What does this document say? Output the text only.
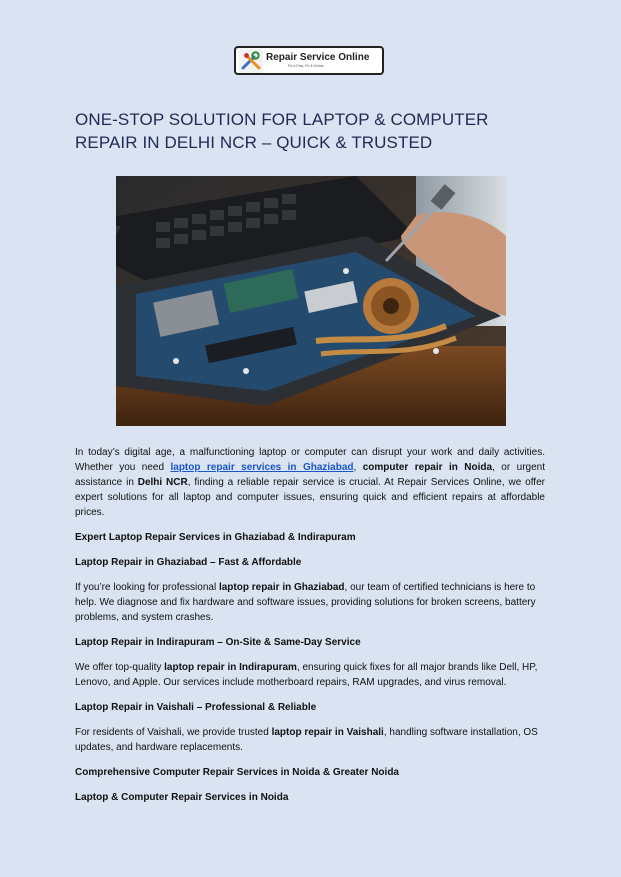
Repair Service Online
Fix it Fast, Fix it Online
ONE-STOP SOLUTION FOR LAPTOP & COMPUTER REPAIR IN DELHI NCR – QUICK & TRUSTED

In today’s digital age, a malfunctioning laptop or computer can disrupt your work and daily activities. Whether you need laptop repair services in Ghaziabad, computer repair in Noida, or urgent assistance in Delhi NCR, finding a reliable repair service is crucial. At Repair Services Online, we offer expert solutions for all laptop and computer issues, ensuring quick and efficient repairs at affordable prices.

Expert Laptop Repair Services in Ghaziabad & Indirapuram

Laptop Repair in Ghaziabad – Fast & Affordable

If you’re looking for professional laptop repair in Ghaziabad, our team of certified technicians is here to help. We diagnose and fix hardware and software issues, providing solutions for broken screens, battery problems, and system crashes.

Laptop Repair in Indirapuram – On-Site & Same-Day Service

We offer top-quality laptop repair in Indirapuram, ensuring quick fixes for all major brands like Dell, HP, Lenovo, and Apple. Our services include motherboard repairs, RAM upgrades, and virus removal.

Laptop Repair in Vaishali – Professional & Reliable

For residents of Vaishali, we provide trusted laptop repair in Vaishali, handling software installation, OS updates, and hardware replacements.

Comprehensive Computer Repair Services in Noida & Greater Noida

Laptop & Computer Repair Services in Noida
